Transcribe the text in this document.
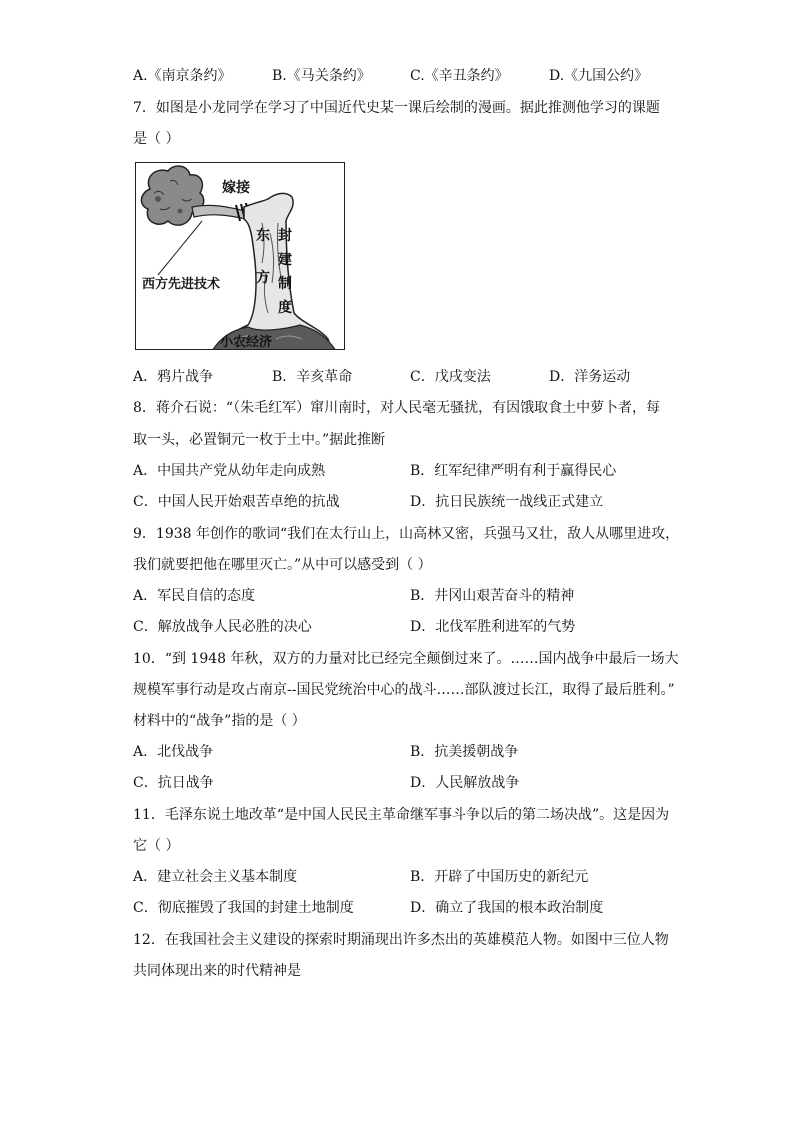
A.《南京条约》	B.《马关条约》	C.《辛丑条约》	D.《九国公约》
7．如图是小龙同学在学习了中国近代史某一课后绘制的漫画。据此推测他学习的课题
是（ ）
嫁接
西方先进技术
东
方
封
建
制
度
小农经济
A．鸦片战争	B．辛亥革命	C．戊戌变法	D．洋务运动
8．蒋介石说：“（朱毛红军）窜川南时，对人民毫无骚扰，有因饿取食土中萝卜者，每
取一头，必置铜元一枚于土中。”据此推断
A．中国共产党从幼年走向成熟	B．红军纪律严明有利于赢得民心
C．中国人民开始艰苦卓绝的抗战	D．抗日民族统一战线正式建立
9．1938 年创作的歌词“我们在太行山上，山高林又密，兵强马又壮，敌人从哪里进攻，
我们就要把他在哪里灭亡。”从中可以感受到（ ）
A．军民自信的态度	B．井冈山艰苦奋斗的精神
C．解放战争人民必胜的决心	D．北伐军胜利进军的气势
10．“到 1948 年秋，双方的力量对比已经完全颠倒过来了。……国内战争中最后一场大
规模军事行动是攻占南京--国民党统治中心的战斗……部队渡过长江，取得了最后胜利。”
材料中的“战争”指的是（ ）
A．北伐战争	B．抗美援朝战争
C．抗日战争	D．人民解放战争
11．毛泽东说土地改革“是中国人民民主革命继军事斗争以后的第二场决战”。这是因为
它（ ）
A．建立社会主义基本制度	B．开辟了中国历史的新纪元
C．彻底摧毁了我国的封建土地制度	D．确立了我国的根本政治制度
12．在我国社会主义建设的探索时期涌现出许多杰出的英雄模范人物。如图中三位人物
共同体现出来的时代精神是
